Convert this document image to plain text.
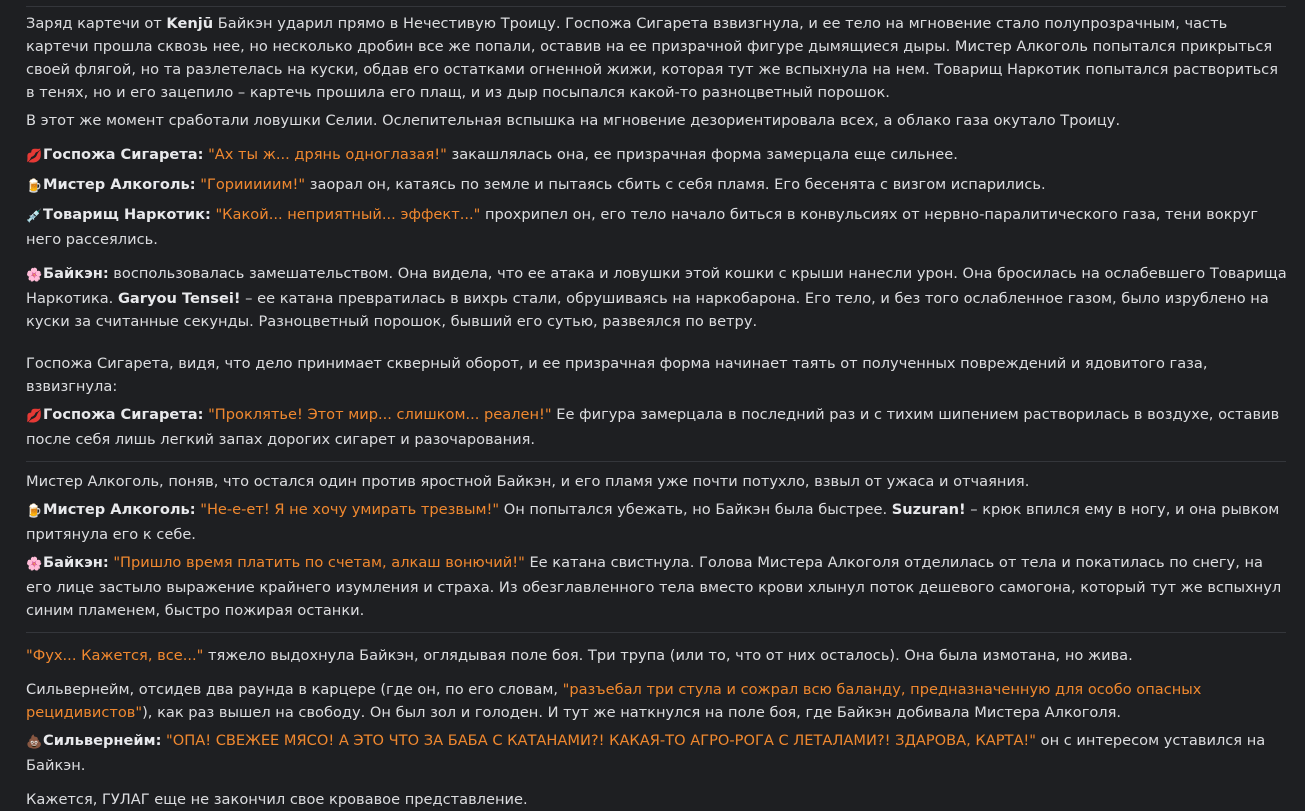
Заряд картечи от Kenjū Байкэн ударил прямо в Нечестивую Троицу. Госпожа Сигарета взвизгнула, и ее тело на мгновение стало полупрозрачным, часть картечи прошла сквозь нее, но несколько дробин все же попали, оставив на ее призрачной фигуре дымящиеся дыры. Мистер Алкоголь попытался прикрыться своей флягой, но та разлетелась на куски, обдав его остатками огненной жижи, которая тут же вспыхнула на нем. Товарищ Наркотик попытался раствориться в тенях, но и его зацепило – картечь прошила его плащ, и из дыр посыпался какой-то разноцветный порошок.

В этот же момент сработали ловушки Селии. Ослепительная вспышка на мгновение дезориентировала всех, а облако газа окутало Троицу.

💋Госпожа Сигарета: "Ах ты ж... дрянь одноглазая!" закашлялась она, ее призрачная форма замерцала еще сильнее.

🍺Мистер Алкоголь: "Горииииим!" заорал он, катаясь по земле и пытаясь сбить с себя пламя. Его бесенята с визгом испарились.

💉Товарищ Наркотик: "Какой... неприятный... эффект..." прохрипел он, его тело начало биться в конвульсиях от нервно-паралитического газа, тени вокруг него рассеялись.

🌸Байкэн: воспользовалась замешательством. Она видела, что ее атака и ловушки этой кошки с крыши нанесли урон. Она бросилась на ослабевшего Товарища Наркотика. Garyou Tensei! – ее катана превратилась в вихрь стали, обрушиваясь на наркобарона. Его тело, и без того ослабленное газом, было изрублено на куски за считанные секунды. Разноцветный порошок, бывший его сутью, развеялся по ветру.

Госпожа Сигарета, видя, что дело принимает скверный оборот, и ее призрачная форма начинает таять от полученных повреждений и ядовитого газа, взвизгнула:

💋Госпожа Сигарета: "Проклятье! Этот мир... слишком... реален!" Ее фигура замерцала в последний раз и с тихим шипением растворилась в воздухе, оставив после себя лишь легкий запах дорогих сигарет и разочарования.

Мистер Алкоголь, поняв, что остался один против яростной Байкэн, и его пламя уже почти потухло, взвыл от ужаса и отчаяния.

🍺Мистер Алкоголь: "Не-е-ет! Я не хочу умирать трезвым!" Он попытался убежать, но Байкэн была быстрее. Suzuran! – крюк впился ему в ногу, и она рывком притянула его к себе.

🌸Байкэн: "Пришло время платить по счетам, алкаш вонючий!" Ее катана свистнула. Голова Мистера Алкоголя отделилась от тела и покатилась по снегу, на его лице застыло выражение крайнего изумления и страха. Из обезглавленного тела вместо крови хлынул поток дешевого самогона, который тут же вспыхнул синим пламенем, быстро пожирая останки.

"Фух... Кажется, все..." тяжело выдохнула Байкэн, оглядывая поле боя. Три трупа (или то, что от них осталось). Она была измотана, но жива.

Сильвернейм, отсидев два раунда в карцере (где он, по его словам, "разъебал три стула и сожрал всю баланду, предназначенную для особо опасных рецидивистов"), как раз вышел на свободу. Он был зол и голоден. И тут же наткнулся на поле боя, где Байкэн добивала Мистера Алкоголя.

💩Сильвернейм: "ОПА! СВЕЖЕЕ МЯСО! А ЭТО ЧТО ЗА БАБА С КАТАНАМИ?! КАКАЯ-ТО АГРО-РОГА С ЛЕТАЛАМИ?! ЗДАРОВА, КАРТА!" он с интересом уставился на Байкэн.

Кажется, ГУЛАГ еще не закончил свое кровавое представление.
